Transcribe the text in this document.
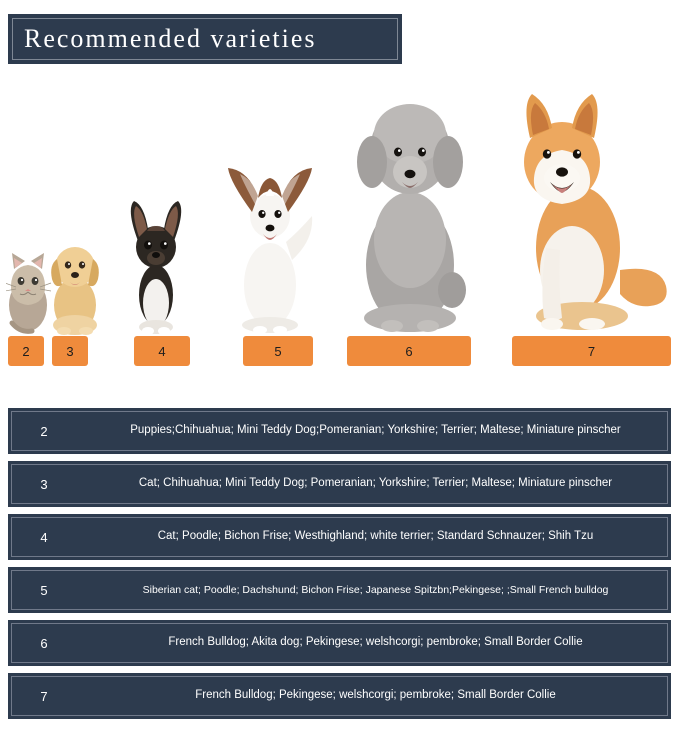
Recommended varieties
2	3	4	5	6	7
2	Puppies;Chihuahua; Mini Teddy Dog;Pomeranian; Yorkshire; Terrier; Maltese; Miniature pinscher
3	Cat; Chihuahua; Mini Teddy Dog; Pomeranian; Yorkshire; Terrier; Maltese; Miniature pinscher
4	Cat; Poodle; Bichon Frise; Westhighland; white terrier; Standard Schnauzer; Shih Tzu
5	Siberian cat; Poodle; Dachshund; Bichon Frise; Japanese Spitzbn;Pekingese; ;Small French bulldog
6	French Bulldog; Akita dog; Pekingese; welshcorgi; pembroke; Small Border Collie
7	French Bulldog; Pekingese; welshcorgi; pembroke; Small Border Collie
